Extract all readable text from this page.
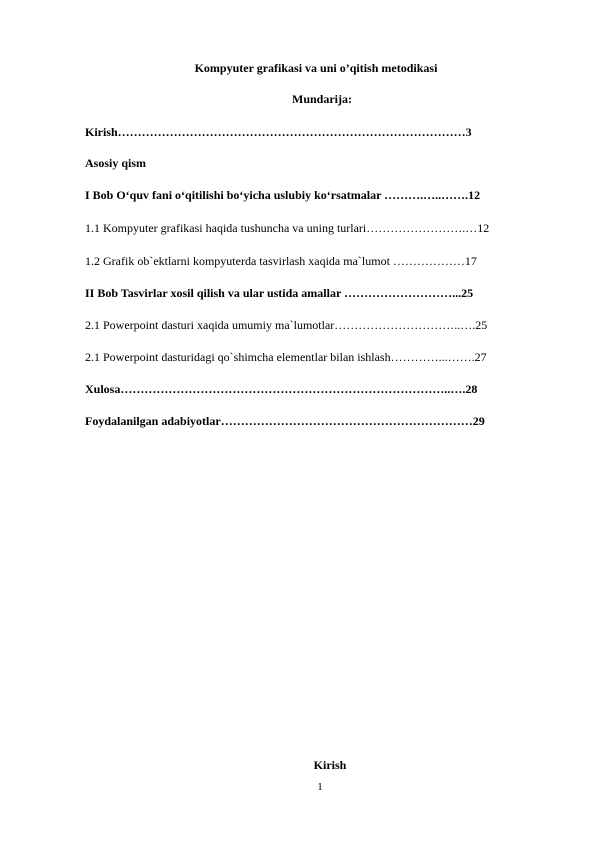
Kompyuter grafikasi va uni o’qitish metodikasi
Mundarija:
Kirish……………………………………………………………………………3
Asosiy qism
I Bob O‘quv fani o‘qitilishi bo‘yicha uslubiy ko‘rsatmalar ……….…..…….12
1.1 Kompyuter grafikasi haqida tushuncha va uning turlari…………………….…12
1.2 Grafik ob`ektlarni kompyuterda tasvirlash xaqida ma`lumot ………………17
II Bob Tasvirlar xosil qilish va ular ustida amallar ………………………...25
2.1 Powerpoint dasturi xaqida umumiy ma`lumotlar…………………………..….25
2.1 Powerpoint dasturidagi qo`shimcha elementlar bilan ishlash…………...…….27
Xulosa………………………………………………………………………..….28
Foydalanilgan adabiyotlar………………………………………………………29
Kirish
1
